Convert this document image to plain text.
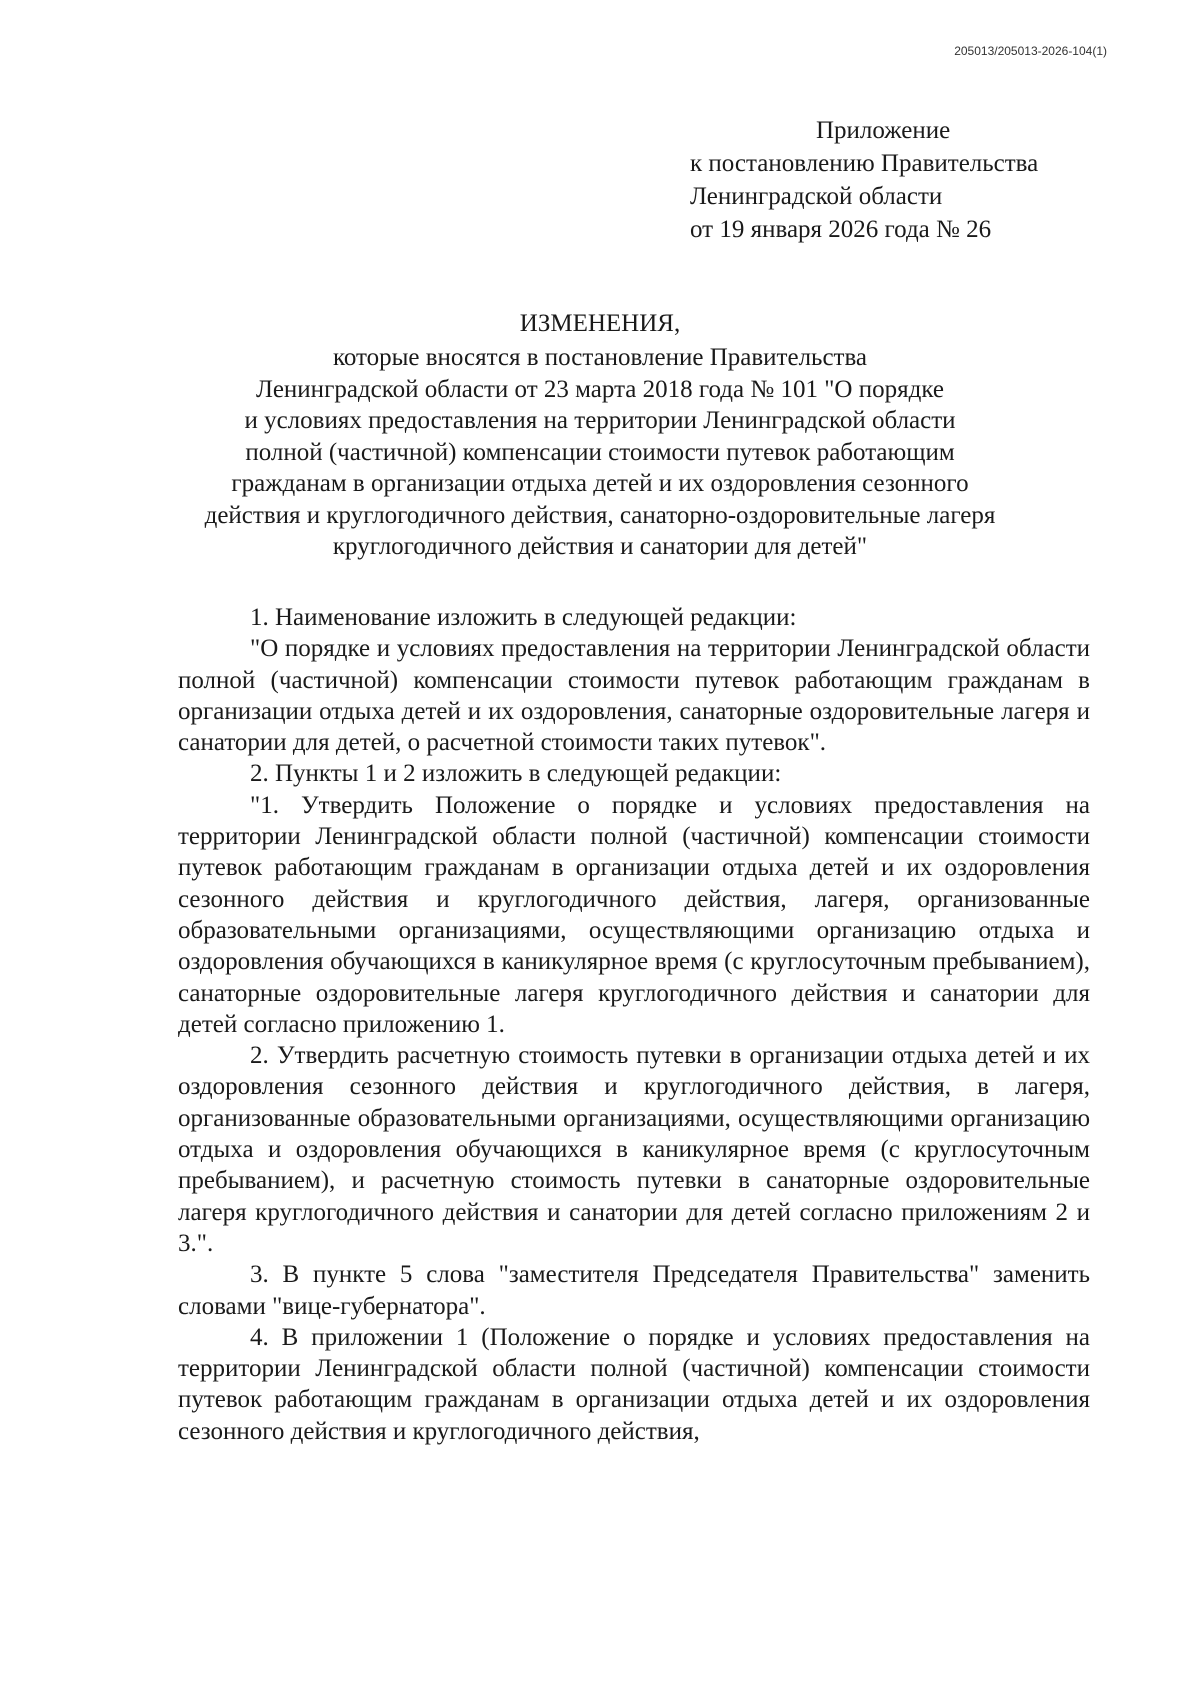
205013/205013-2026-104(1)
Приложение
к постановлению Правительства
Ленинградской области
от 19 января 2026 года № 26
ИЗМЕНЕНИЯ,
которые вносятся в постановление Правительства
Ленинградской области от 23 марта 2018 года № 101 "О порядке
и условиях предоставления на территории Ленинградской области
полной (частичной) компенсации стоимости путевок работающим
гражданам в организации отдыха детей и их оздоровления сезонного
действия и круглогодичного действия, санаторно-оздоровительные лагеря
круглогодичного действия и санатории для детей"

1. Наименование изложить в следующей редакции:

"О порядке и условиях предоставления на территории Ленинградской области полной (частичной) компенсации стоимости путевок работающим гражданам в организации отдыха детей и их оздоровления, санаторные оздоровительные лагеря и санатории для детей, о расчетной стоимости таких путевок".

2. Пункты 1 и 2 изложить в следующей редакции:

"1. Утвердить Положение о порядке и условиях предоставления на территории Ленинградской области полной (частичной) компенсации стоимости путевок работающим гражданам в организации отдыха детей и их оздоровления сезонного действия и круглогодичного действия, лагеря, организованные образовательными организациями, осуществляющими организацию отдыха и оздоровления обучающихся в каникулярное время (с круглосуточным пребыванием), санаторные оздоровительные лагеря круглогодичного действия и санатории для детей согласно приложению 1.

2. Утвердить расчетную стоимость путевки в организации отдыха детей и их оздоровления сезонного действия и круглогодичного действия, в лагеря, организованные образовательными организациями, осуществляющими организацию отдыха и оздоровления обучающихся в каникулярное время (с круглосуточным пребыванием), и расчетную стоимость путевки в санаторные оздоровительные лагеря круглогодичного действия и санатории для детей согласно приложениям 2 и 3.".

3. В пункте 5 слова "заместителя Председателя Правительства" заменить словами "вице-губернатора".

4. В приложении 1 (Положение о порядке и условиях предоставления на территории Ленинградской области полной (частичной) компенсации стоимости путевок работающим гражданам в организации отдыха детей и их оздоровления сезонного действия и круглогодичного действия,
